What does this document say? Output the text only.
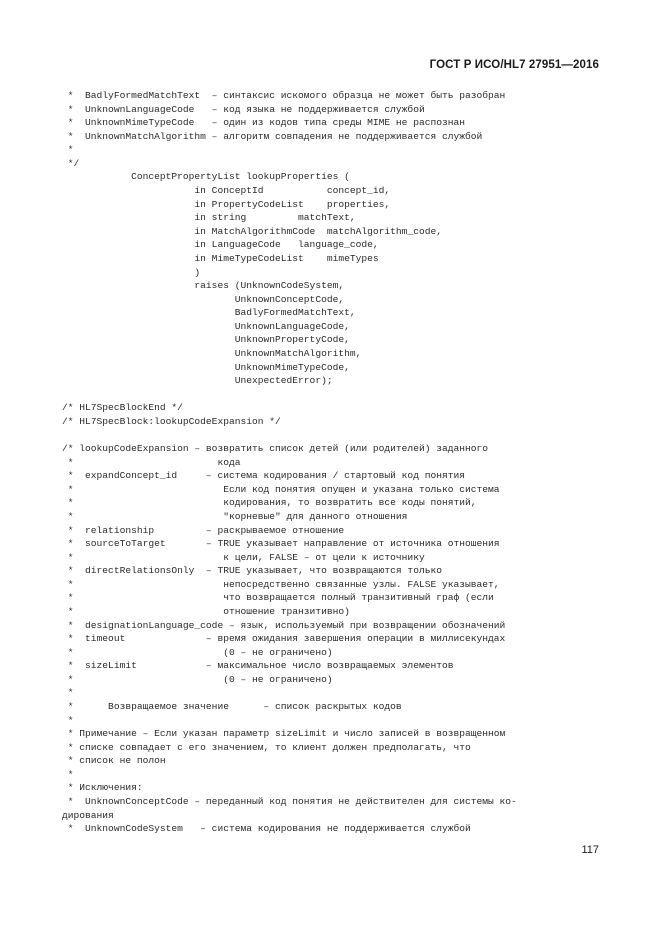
ГОСТ Р ИСО/HL7 27951—2016
*  BadlyFormedMatchText  – синтаксис искомого образца не может быть разобран
*  UnknownLanguageCode   – код языка не поддерживается службой
*  UnknownMimeTypeCode   – один из кодов типа среды MIME не распознан
*  UnknownMatchAlgorithm – алгоритм совпадения не поддерживается службой
*
*/
ConceptPropertyList lookupProperties (
in ConceptId           concept_id,
in PropertyCodeList    properties,
in string         matchText,
in MatchAlgorithmCode  matchAlgorithm_code,
in LanguageCode   language_code,
in MimeTypeCodeList    mimeTypes
)
raises (UnknownCodeSystem,
UnknownConceptCode,
BadlyFormedMatchText,
UnknownLanguageCode,
UnknownPropertyCode,
UnknownMatchAlgorithm,
UnknownMimeTypeCode,
UnexpectedError);
/* HL7SpecBlockEnd */
/* HL7SpecBlock:lookupCodeExpansion */
/* lookupCodeExpansion – возвратить список детей (или родителей) заданного
*                         кода
*  expandConcept_id     – система кодирования / стартовый код понятия
*                          Если код понятия опущен и указана только система
*                          кодирования, то возвратить все коды понятий,
*                          "корневые" для данного отношения
*  relationship         – раскрываемое отношение
*  sourceToTarget       – TRUE указывает направление от источника отношения
*                          к цели, FALSE – от цели к источнику
*  directRelationsOnly  – TRUE указывает, что возвращаются только
*                          непосредственно связанные узлы. FALSE указывает,
*                          что возвращается полный транзитивный граф (если
*                          отношение транзитивно)
*  designationLanguage_code – язык, используемый при возвращении обозначений
*  timeout              – время ожидания завершения операции в миллисекундах
*                          (0 – не ограничено)
*  sizeLimit            – максимальное число возвращаемых элементов
*                          (0 – не ограничено)
*
*      Возвращаемое значение      – список раскрытых кодов
*
* Примечание – Если указан параметр sizeLimit и число записей в возвращенном
* списке совпадает с его значением, то клиент должен предполагать, что
* список не полон
*
* Исключения:
*  UnknownConceptCode – переданный код понятия не действителен для системы ко-
дирования
*  UnknownCodeSystem   – система кодирования не поддерживается службой
117
